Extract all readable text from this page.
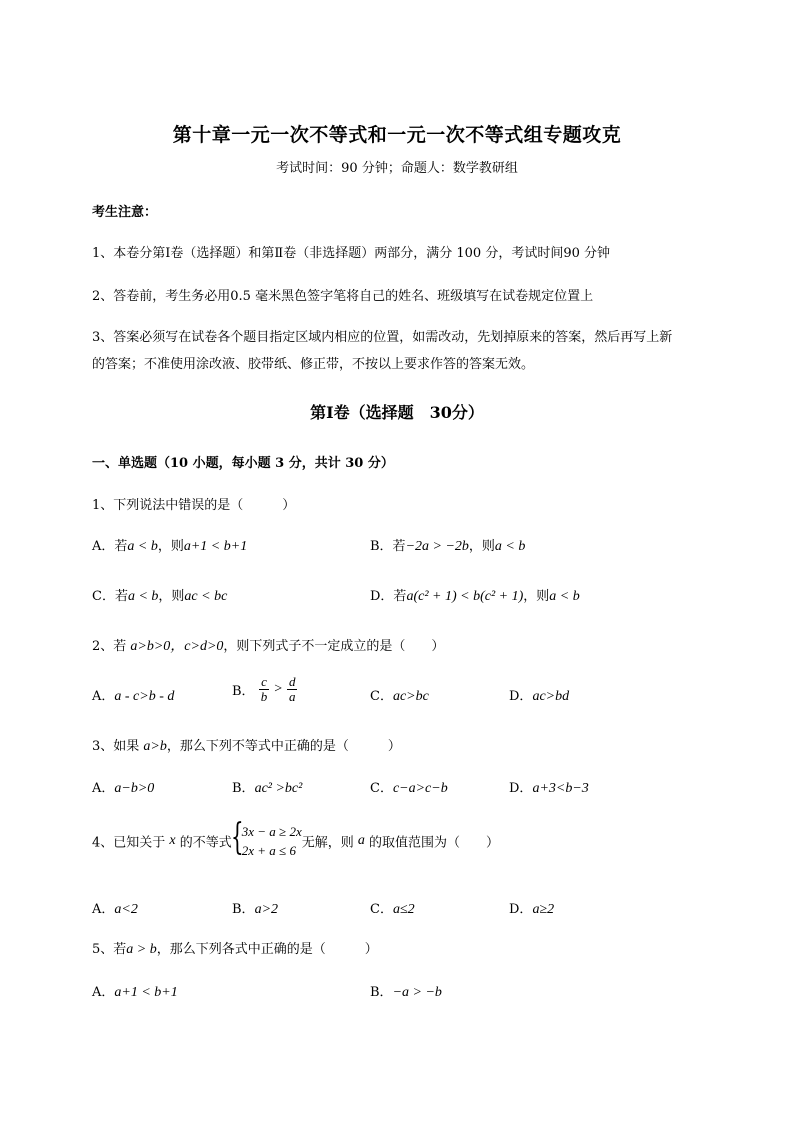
第十章一元一次不等式和一元一次不等式组专题攻克
考试时间：90 分钟；命题人：数学教研组
考生注意：
1、本卷分第Ⅰ卷（选择题）和第Ⅱ卷（非选择题）两部分，满分 100 分，考试时间90 分钟
2、答卷前，考生务必用0.5 毫米黑色签字笔将自己的姓名、班级填写在试卷规定位置上
3、答案必须写在试卷各个题目指定区域内相应的位置，如需改动，先划掉原来的答案，然后再写上新
的答案；不准使用涂改液、胶带纸、修正带，不按以上要求作答的答案无效。
第Ⅰ卷（选择题　30分）
一、单选题（10 小题，每小题 3 分，共计 30 分）
1、下列说法中错误的是（　　　）
A．若a < b，则a+1 < b+1	B．若−2a > −2b，则a < b
C．若a < b，则ac < bc	D．若a(c² + 1) < b(c² + 1)，则a < b
2、若 a>b>0，c>d>0，则下列式子不一定成立的是（　　）
A．a - c>b - d	B． $\frac{c}{b} > \frac{d}{a}$	C．ac>bc	D．ac>bd
3、如果 a>b，那么下列不等式中正确的是（　　　）
A．a−b>0	B．ac² >bc²	C．c−a>c−b	D．a+3<b−3
4、已知关于 x 的不等式 {
3x − a ≥ 2x
2x + a ≤ 6 无解，则 a 的取值范围为（　　）
A．a<2	B．a>2	C．a≤2	D．a≥2
5、若a > b，那么下列各式中正确的是（　　　）
A．a+1 < b+1	B．−a > −b
